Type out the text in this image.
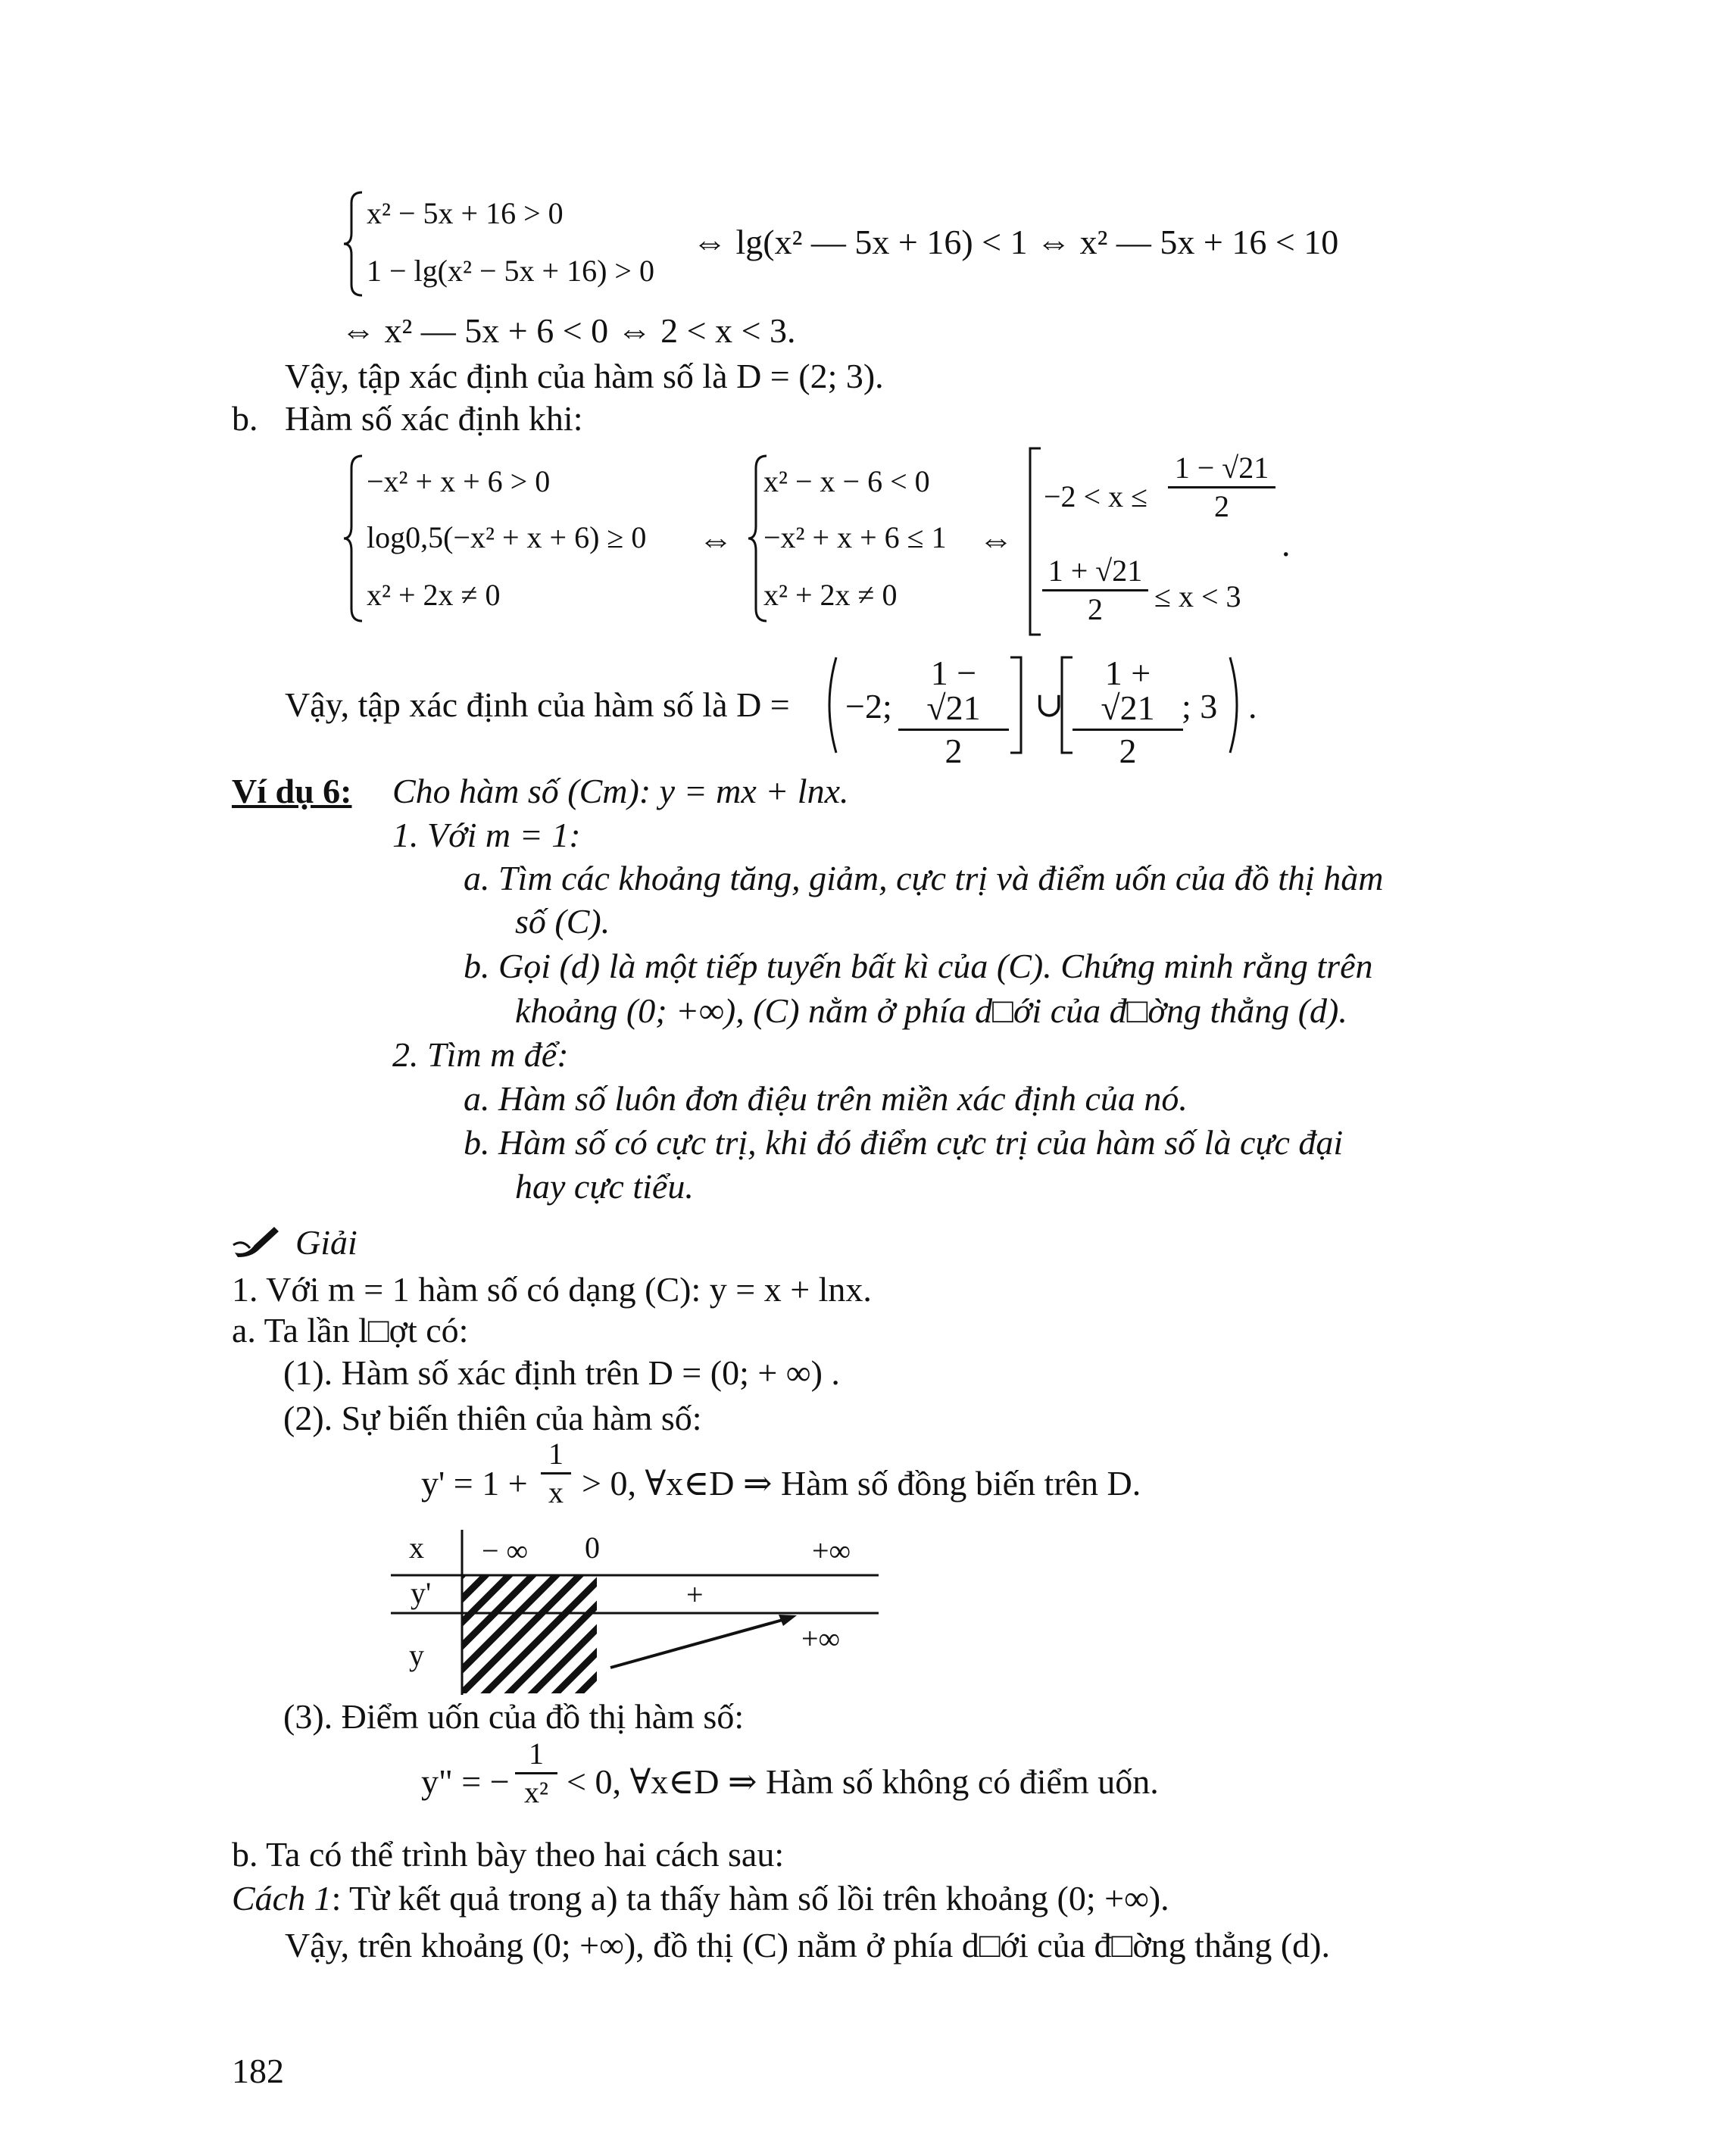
x² − 5x + 16 > 0
1 − lg(x² − 5x + 16) > 0
⇔ lg(x² — 5x + 16) < 1 ⇔ x² — 5x + 16 < 10
⇔ x² — 5x + 6 < 0 ⇔ 2 < x < 3.
Vậy, tập xác định của hàm số là D = (2; 3).
b. Hàm số xác định khi:
−x² + x + 6 > 0
log0,5(−x² + x + 6) ≥ 0
x² + 2x ≠ 0
⇔
x² − x − 6 < 0
−x² + x + 6 ≤ 1
x² + 2x ≠ 0
⇔
−2 < x ≤
1 − √21
2
1 + √21
2	≤ x < 3
.
Vậy, tập xác định của hàm số là D = −2;
1 − √21
2
∪
1 + √21
2
; 3 .
Ví dụ 6: Cho hàm số (Cm): y = mx + lnx.
1. Với m = 1:
a. Tìm các khoảng tăng, giảm, cực trị và điểm uốn của đồ thị hàm
số (C).
b. Gọi (d) là một tiếp tuyến bất kì của (C). Chứng minh rằng trên
khoảng (0; +∞), (C) nằm ở phía d□ới của đ□ờng thẳng (d).
2. Tìm m để:
a. Hàm số luôn đơn điệu trên miền xác định của nó.
b. Hàm số có cực trị, khi đó điểm cực trị của hàm số là cực đại
hay cực tiểu.
Giải
1. Với m = 1 hàm số có dạng (C): y = x + lnx.
a. Ta lần l□ợt có:
(1). Hàm số xác định trên D = (0; + ∞) .
(2). Sự biến thiên của hàm số:
y' = 1 +
1
x > 0, ∀x∈D ⇒ Hàm số đồng biến trên D.
x
y'
y
− ∞ 0	+∞
+
+∞
(3). Điểm uốn của đồ thị hàm số:
y" = −
1
x² < 0, ∀x∈D ⇒ Hàm số không có điểm uốn.
b. Ta có thể trình bày theo hai cách sau:
Cách 1: Từ kết quả trong a) ta thấy hàm số lồi trên khoảng (0; +∞).
Vậy, trên khoảng (0; +∞), đồ thị (C) nằm ở phía d□ới của đ□ờng thẳng (d).
182
